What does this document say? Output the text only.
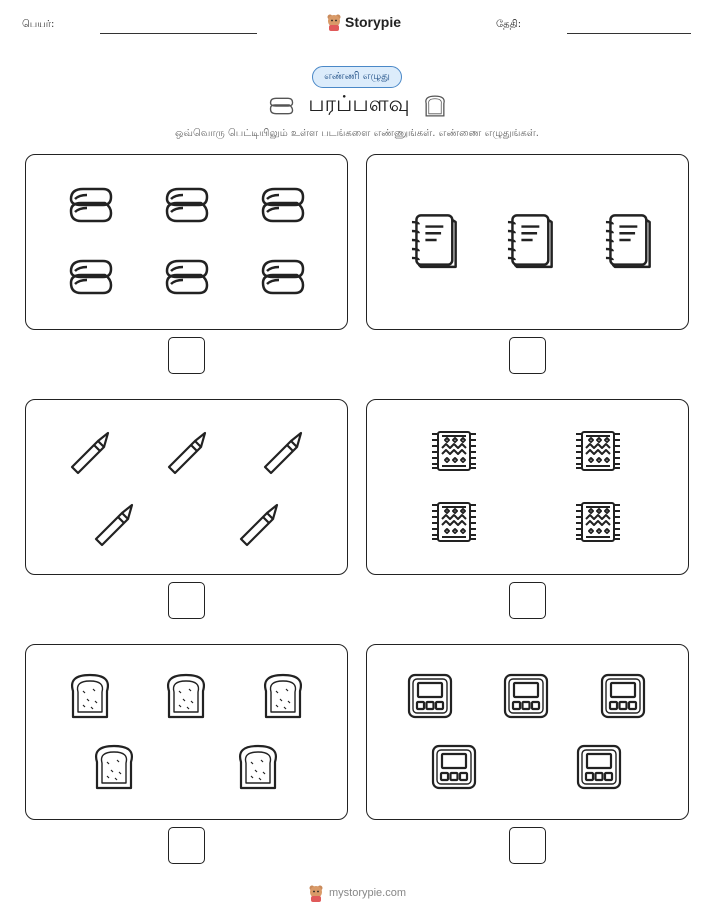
பெயர்:	Storypie	தேதி:
எண்ணி எழுது
பரப்பளவு
ஒவ்வொரு பெட்டியிலும் உள்ள படங்களை எண்ணுங்கள். எண்ணை எழுதுங்கள்.
mystorypie.com
